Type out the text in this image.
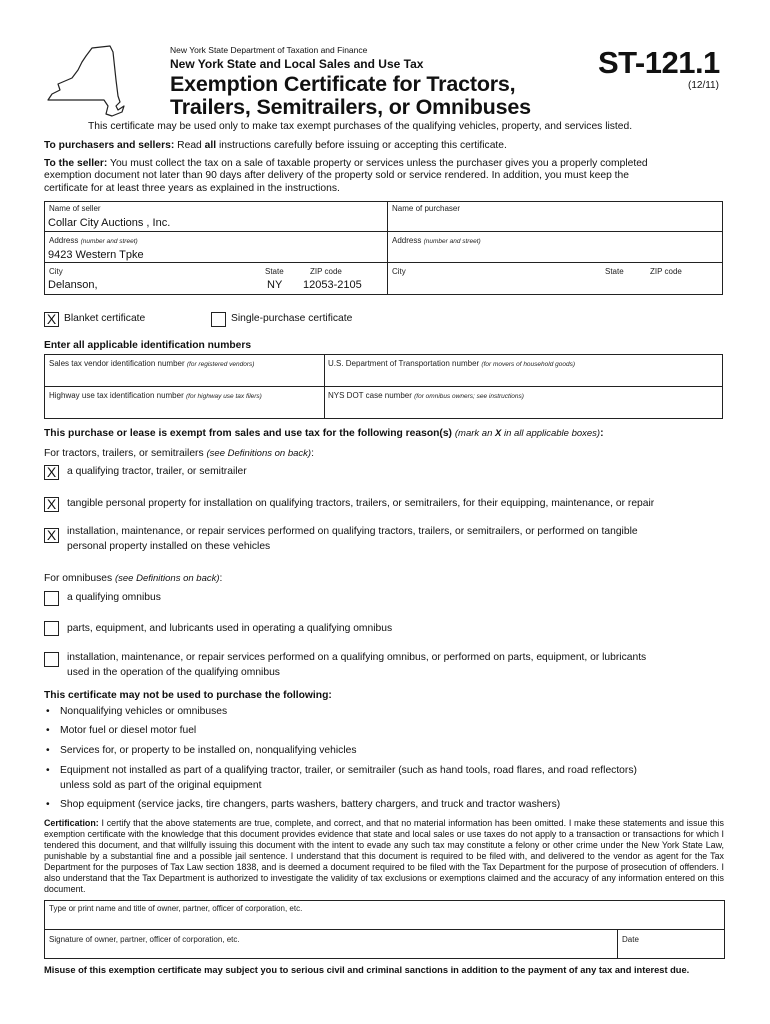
New York State Department of Taxation and Finance
New York State and Local Sales and Use Tax
Exemption Certificate for Tractors,
Trailers, Semitrailers, or Omnibuses
ST-121.1
(12/11)
This certificate may be used only to make tax exempt purchases of the qualifying vehicles, property, and services listed.
To purchasers and sellers: Read all instructions carefully before issuing or accepting this certificate.
To the seller: You must collect the tax on a sale of taxable property or services unless the purchaser gives you a properly completed
exemption document not later than 90 days after delivery of the property sold or service rendered. In addition, you must keep the
certificate for at least three years as explained in the instructions.
Name of seller
Collar City Auctions , Inc.
Name of purchaser
Address (number and street)
9423 Western Tpke
Address (number and street)
City	State	ZIP code
Delanson,	NY 12053-2105
City	State	ZIP code
X Blanket certificate	Single-purchase certificate
Enter all applicable identification numbers
Sales tax vendor identification number (for registered vendors)	U.S. Department of Transportation number (for movers of household goods)
Highway use tax identification number (for highway use tax filers)	NYS DOT case number (for omnibus owners; see instructions)
This purchase or lease is exempt from sales and use tax for the following reason(s) (mark an X in all applicable boxes):
For tractors, trailers, or semitrailers (see Definitions on back):
X a qualifying tractor, trailer, or semitrailer
X tangible personal property for installation on qualifying tractors, trailers, or semitrailers, for their equipping, maintenance, or repair
X installation, maintenance, or repair services performed on qualifying tractors, trailers, or semitrailers, or performed on tangible
personal property installed on these vehicles
For omnibuses (see Definitions on back):
a qualifying omnibus
parts, equipment, and lubricants used in operating a qualifying omnibus
installation, maintenance, or repair services performed on a qualifying omnibus, or performed on parts, equipment, or lubricants
used in the operation of the qualifying omnibus
This certificate may not be used to purchase the following:
• Nonqualifying vehicles or omnibuses
• Motor fuel or diesel motor fuel
• Services for, or property to be installed on, nonqualifying vehicles
• Equipment not installed as part of a qualifying tractor, trailer, or semitrailer (such as hand tools, road flares, and road reflectors)
unless sold as part of the original equipment
• Shop equipment (service jacks, tire changers, parts washers, battery chargers, and truck and tractor washers)
Certification: I certify that the above statements are true, complete, and correct, and that no material information has been omitted. I make these statements and issue this exemption certificate with the knowledge that this document provides evidence that state and local sales or use taxes do not apply to a transaction or transactions for which I tendered this document, and that willfully issuing this document with the intent to evade any such tax may constitute a felony or other crime under the New York State Law, punishable by a substantial fine and a possible jail sentence. I understand that this document is required to be filed with, and delivered to the vendor as agent for the Tax Department for the purposes of Tax Law section 1838, and is deemed a document required to be filed with the Tax Department for the purpose of prosecution of offenders. I also understand that the Tax Department is authorized to investigate the validity of tax exclusions or exemptions claimed and the accuracy of any information entered on this document.
Type or print name and title of owner, partner, officer of corporation, etc.
Signature of owner, partner, officer of corporation, etc.	Date
Misuse of this exemption certificate may subject you to serious civil and criminal sanctions in addition to the payment of any tax and interest due.
